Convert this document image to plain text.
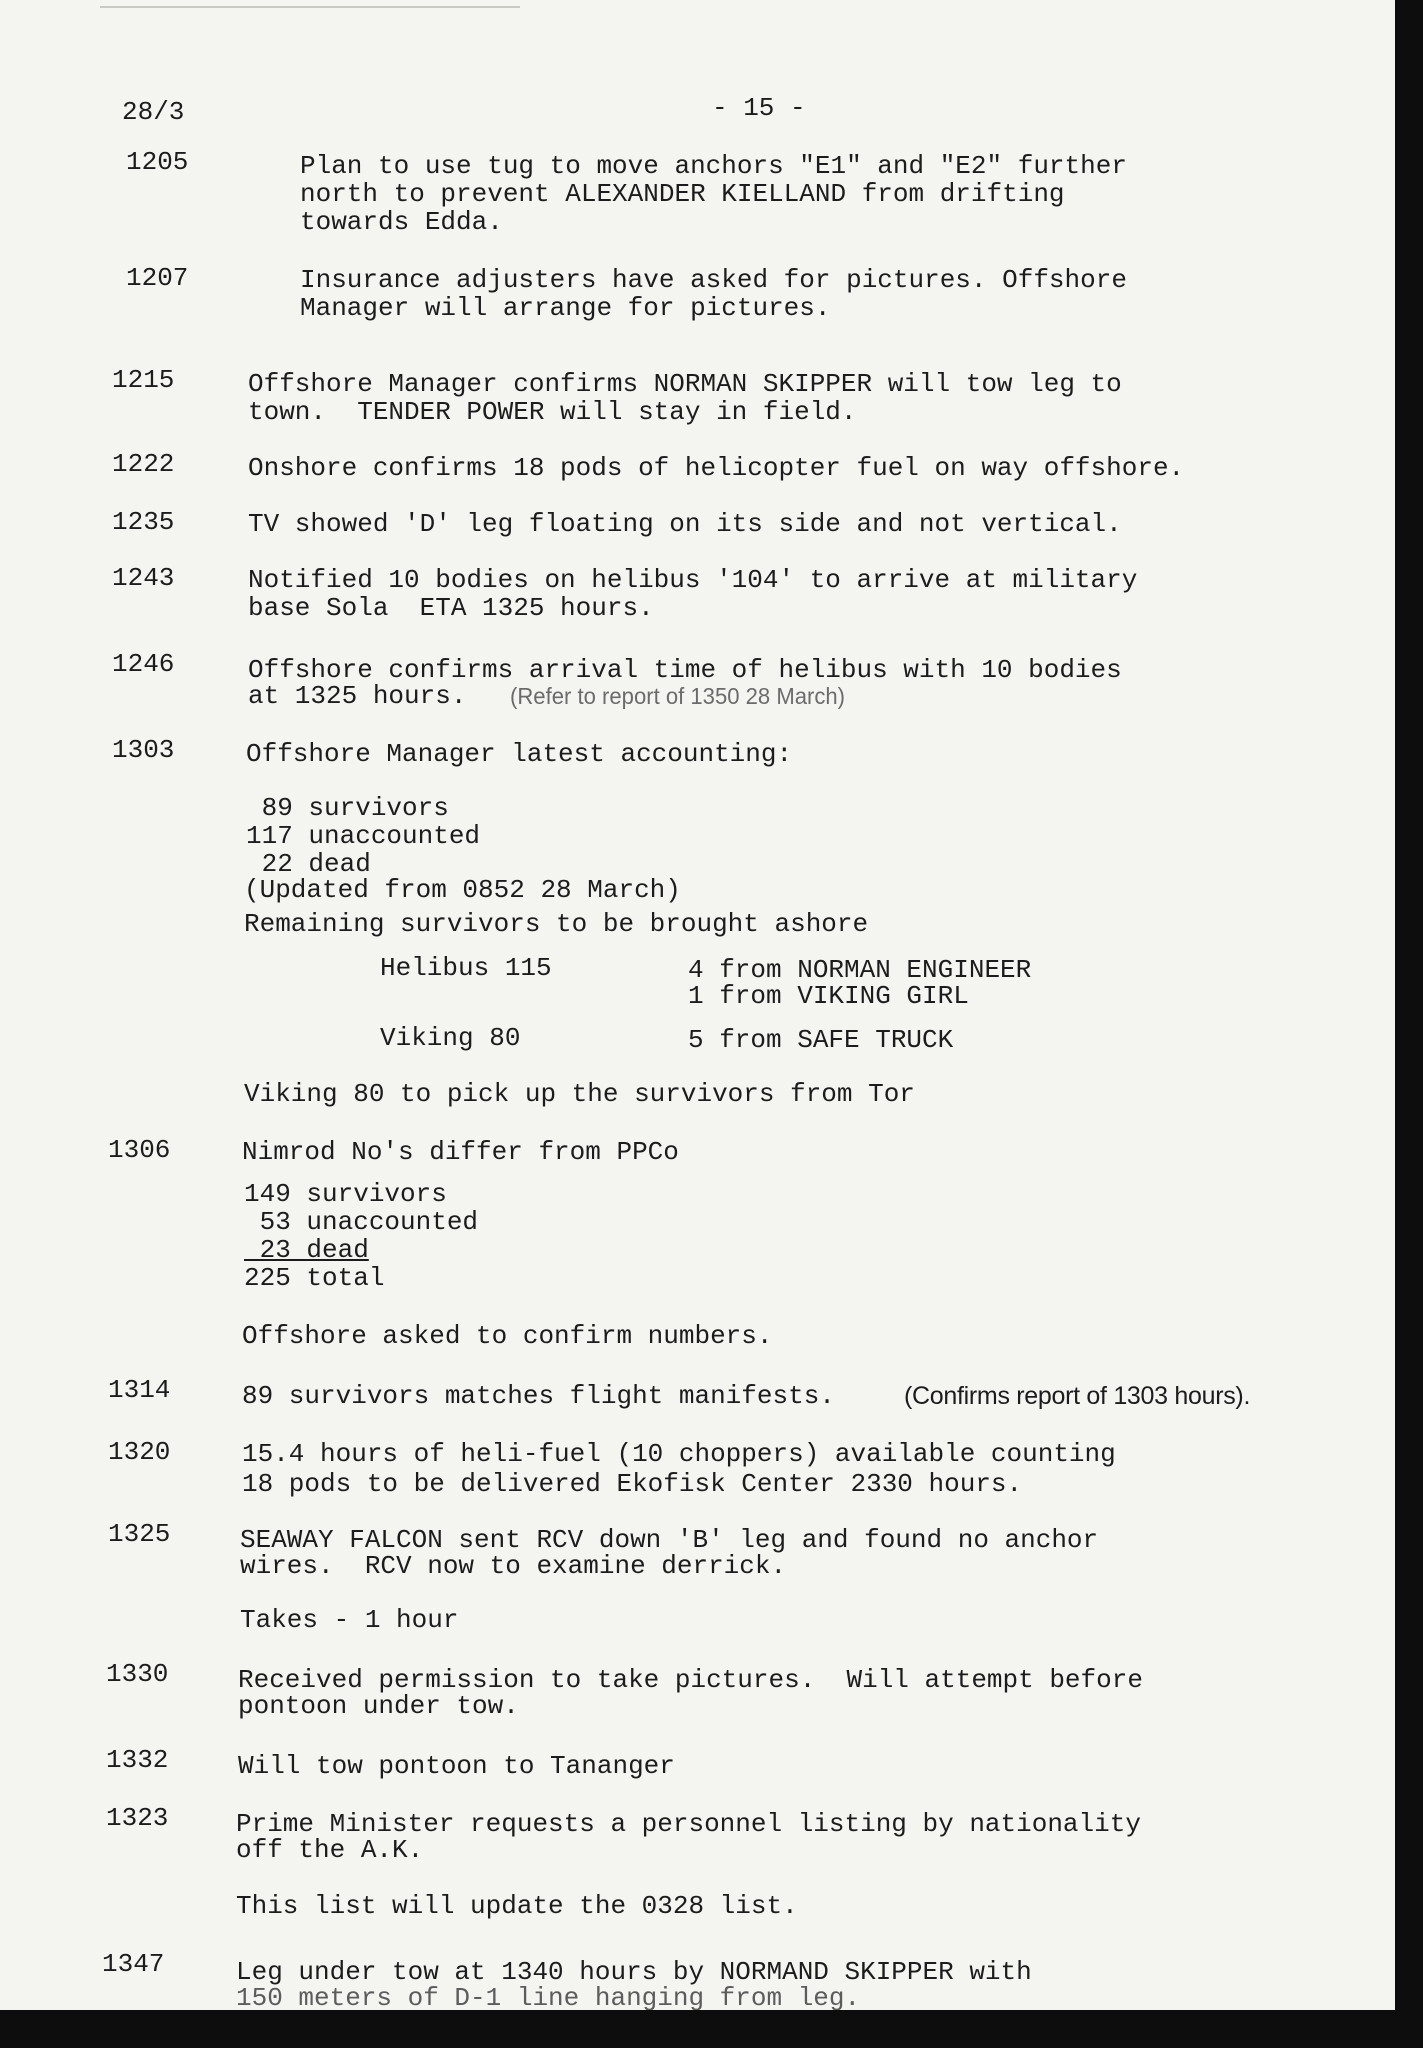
28/3	- 15 -
1205	Plan to use tug to move anchors "E1" and "E2" further
north to prevent ALEXANDER KIELLAND from drifting
towards Edda.
1207	Insurance adjusters have asked for pictures. Offshore
Manager will arrange for pictures.
1215	Offshore Manager confirms NORMAN SKIPPER will tow leg to
town.  TENDER POWER will stay in field.
1222	Onshore confirms 18 pods of helicopter fuel on way offshore.
1235	TV showed 'D' leg floating on its side and not vertical.
1243	Notified 10 bodies on helibus '104' to arrive at military
base Sola  ETA 1325 hours.
1246	Offshore confirms arrival time of helibus with 10 bodies
at 1325 hours. (Refer to report of 1350 28 March)
1303	Offshore Manager latest accounting:
89 survivors
117 unaccounted
22 dead
(Updated from 0852 28 March)
Remaining survivors to be brought ashore
Helibus 115	4 from NORMAN ENGINEER
1 from VIKING GIRL
Viking 80	5 from SAFE TRUCK
Viking 80 to pick up the survivors from Tor
1306	Nimrod No's differ from PPCo
149 survivors
53 unaccounted
23 dead
225 total
Offshore asked to confirm numbers.
1314	89 survivors matches flight manifests.	(Confirms report of 1303 hours).
1320	15.4 hours of heli-fuel (10 choppers) available counting
18 pods to be delivered Ekofisk Center 2330 hours.
1325	SEAWAY FALCON sent RCV down 'B' leg and found no anchor
wires.  RCV now to examine derrick.
Takes - 1 hour
1330	Received permission to take pictures.  Will attempt before
pontoon under tow.
1332	Will tow pontoon to Tananger
1323	Prime Minister requests a personnel listing by nationality
off the A.K.
This list will update the 0328 list.
1347	Leg under tow at 1340 hours by NORMAND SKIPPER with
150 meters of D-1 line hanging from leg.
